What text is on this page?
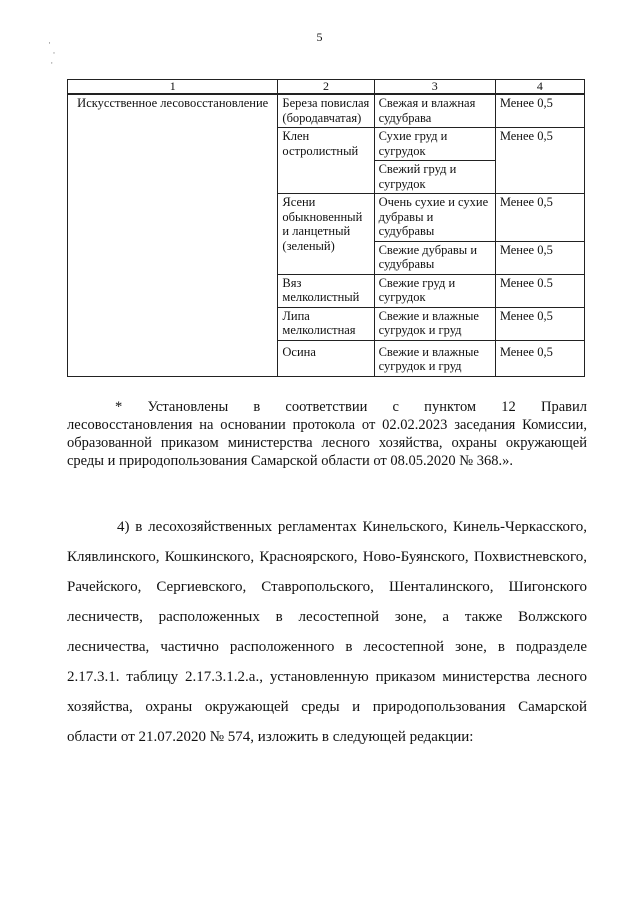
5
·
·
·
1	2	3	4
Искусственное лесовосстановление	Береза повислая (бородавчатая)	Свежая и влажная судубрава	Менее 0,5
	Клен остролистный	Сухие груд и сугрудок	Менее 0,5
		Свежий груд и сугрудок	
	Ясени обыкновенный и ланцетный (зеленый)	Очень сухие и сухие дубравы и судубравы	Менее 0,5
		Свежие дубравы и судубравы	Менее 0,5
	Вяз мелколистный	Свежие груд и сугрудок	Менее 0.5
	Липа мелколистная	Свежие и влажные сугрудок и груд	Менее 0,5
	Осина	Свежие и влажные сугрудок и груд	Менее 0,5
*    Установлены    в    соответствии    с    пунктом    12    Правил
лесовосстановления на основании протокола от 02.02.2023 заседания Комиссии, образованной приказом министерства лесного хозяйства, охраны окружающей среды и природопользования Самарской области от 08.05.2020 № 368.».
4) в лесохозяйственных регламентах Кинельского, Кинель-Черкасского, Клявлинского, Кошкинского, Красноярского, Ново-Буянского, Похвистневского, Рачейского, Сергиевского, Ставропольского, Шенталинского, Шигонского лесничеств, расположенных в лесостепной зоне, а также Волжского лесничества, частично расположенного в лесостепной зоне, в подразделе 2.17.3.1. таблицу 2.17.3.1.2.а., установленную приказом министерства лесного хозяйства, охраны окружающей среды и природопользования Самарской области от 21.07.2020 № 574, изложить в следующей редакции:
